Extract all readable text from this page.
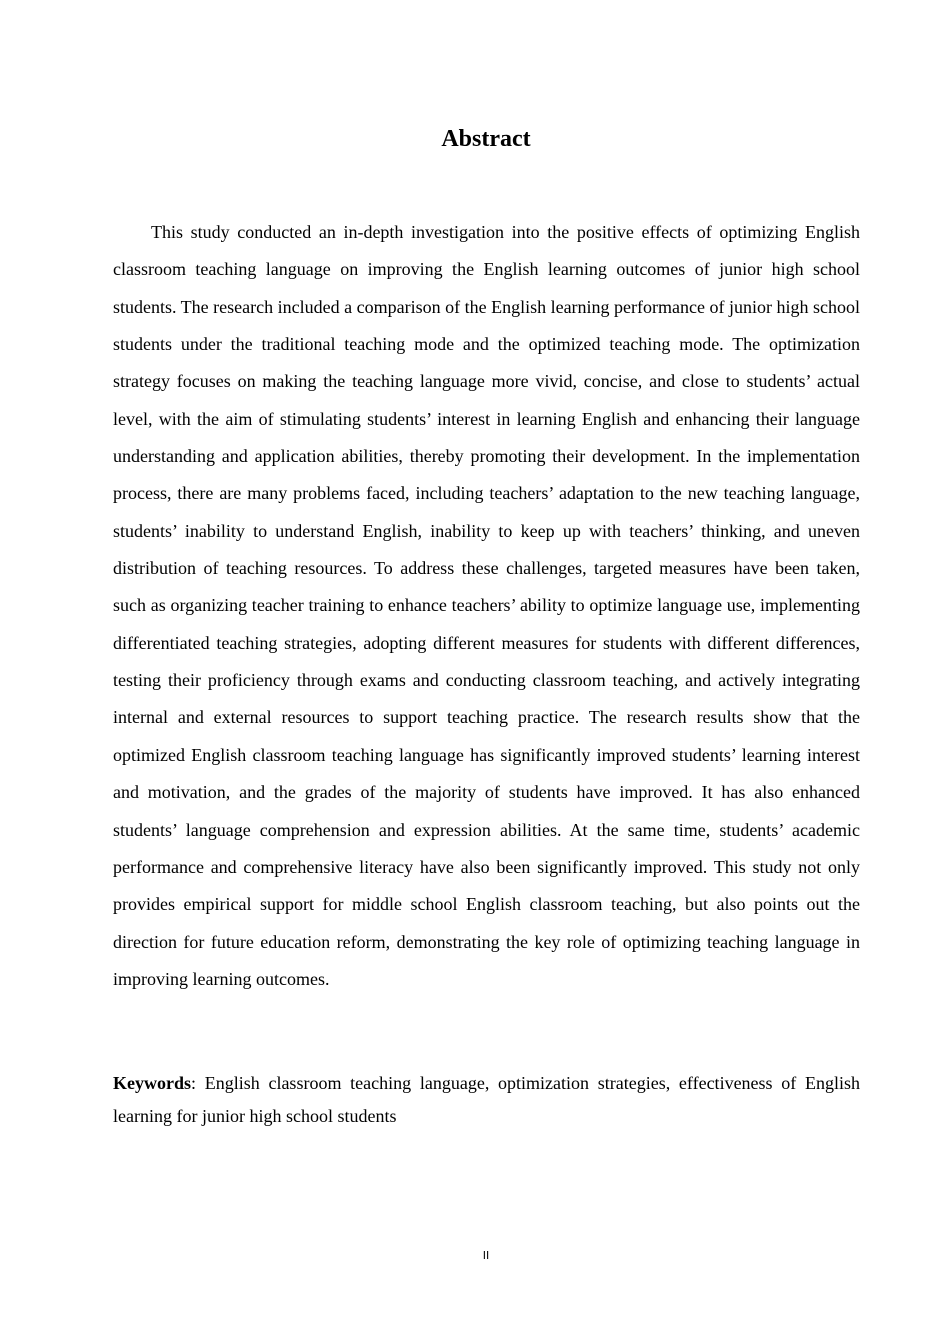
Abstract

This study conducted an in-depth investigation into the positive effects of optimizing English classroom teaching language on improving the English learning outcomes of junior high school students. The research included a comparison of the English learning performance of junior high school students under the traditional teaching mode and the optimized teaching mode. The optimization strategy focuses on making the teaching language more vivid, concise, and close to students’ actual level, with the aim of stimulating students’ interest in learning English and enhancing their language understanding and application abilities, thereby promoting their development. In the implementation process, there are many problems faced, including teachers’ adaptation to the new teaching language, students’ inability to understand English, inability to keep up with teachers’ thinking, and uneven distribution of teaching resources. To address these challenges, targeted measures have been taken, such as organizing teacher training to enhance teachers’ ability to optimize language use, implementing differentiated teaching strategies, adopting different measures for students with different differences, testing their proficiency through exams and conducting classroom teaching, and actively integrating internal and external resources to support teaching practice. The research results show that the optimized English classroom teaching language has significantly improved students’ learning interest and motivation, and the grades of the majority of students have improved. It has also enhanced students’ language comprehension and expression abilities. At the same time, students’ academic performance and comprehensive literacy have also been significantly improved. This study not only provides empirical support for middle school English classroom teaching, but also points out the direction for future education reform, demonstrating the key role of optimizing teaching language in improving learning outcomes.

Keywords: English classroom teaching language, optimization strategies, effectiveness of English learning for junior high school students

II
